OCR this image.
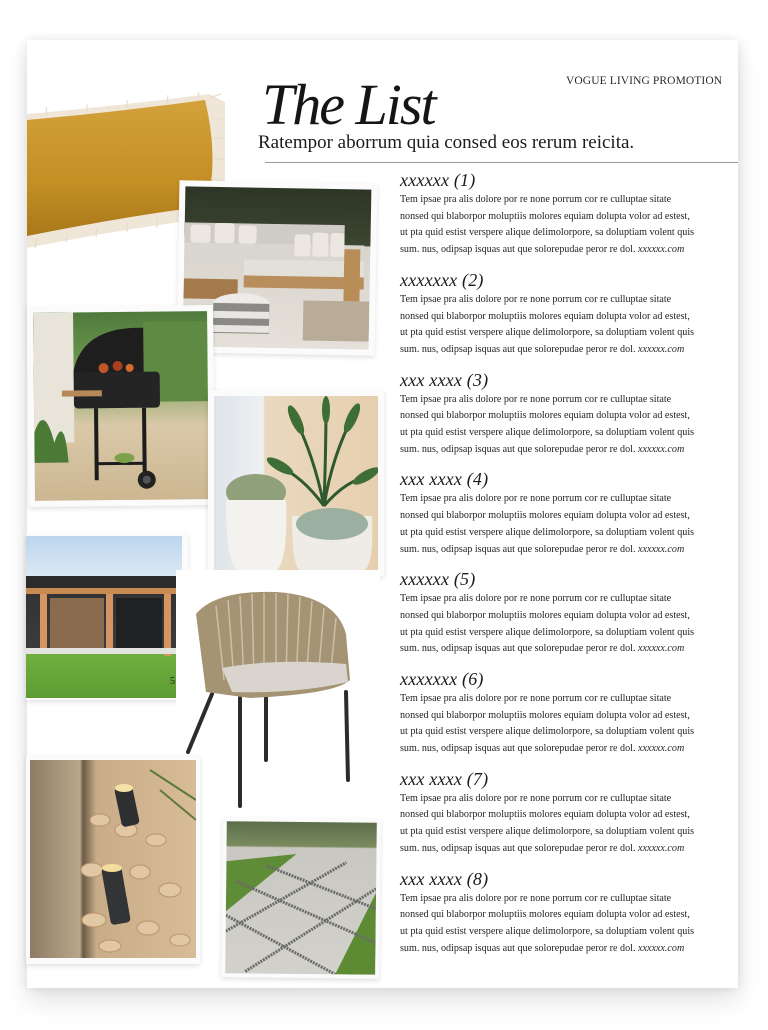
5
VOGUE LIVING PROMOTION
The List
Ratempor aborrum quia consed eos rerum reicita.
xxxxxx (1)
Tem ipsae pra alis dolore por re none porrum cor re culluptae sitate
nonsed qui blaborpor moluptiis molores equiam dolupta volor ad estest,
ut pta quid estist verspere alique delimolorpore, sa doluptiam volent quis
sum. nus, odipsap isquas aut que solorepudae peror re dol. xxxxxx.com
xxxxxxx (2)
Tem ipsae pra alis dolore por re none porrum cor re culluptae sitate
nonsed qui blaborpor moluptiis molores equiam dolupta volor ad estest,
ut pta quid estist verspere alique delimolorpore, sa doluptiam volent quis
sum. nus, odipsap isquas aut que solorepudae peror re dol. xxxxxx.com
xxx xxxx (3)
Tem ipsae pra alis dolore por re none porrum cor re culluptae sitate
nonsed qui blaborpor moluptiis molores equiam dolupta volor ad estest,
ut pta quid estist verspere alique delimolorpore, sa doluptiam volent quis
sum. nus, odipsap isquas aut que solorepudae peror re dol. xxxxxx.com
xxx xxxx (4)
Tem ipsae pra alis dolore por re none porrum cor re culluptae sitate
nonsed qui blaborpor moluptiis molores equiam dolupta volor ad estest,
ut pta quid estist verspere alique delimolorpore, sa doluptiam volent quis
sum. nus, odipsap isquas aut que solorepudae peror re dol. xxxxxx.com
xxxxxx (5)
Tem ipsae pra alis dolore por re none porrum cor re culluptae sitate
nonsed qui blaborpor moluptiis molores equiam dolupta volor ad estest,
ut pta quid estist verspere alique delimolorpore, sa doluptiam volent quis
sum. nus, odipsap isquas aut que solorepudae peror re dol. xxxxxx.com
xxxxxxx (6)
Tem ipsae pra alis dolore por re none porrum cor re culluptae sitate
nonsed qui blaborpor moluptiis molores equiam dolupta volor ad estest,
ut pta quid estist verspere alique delimolorpore, sa doluptiam volent quis
sum. nus, odipsap isquas aut que solorepudae peror re dol. xxxxxx.com
xxx xxxx (7)
Tem ipsae pra alis dolore por re none porrum cor re culluptae sitate
nonsed qui blaborpor moluptiis molores equiam dolupta volor ad estest,
ut pta quid estist verspere alique delimolorpore, sa doluptiam volent quis
sum. nus, odipsap isquas aut que solorepudae peror re dol. xxxxxx.com
xxx xxxx (8)
Tem ipsae pra alis dolore por re none porrum cor re culluptae sitate
nonsed qui blaborpor moluptiis molores equiam dolupta volor ad estest,
ut pta quid estist verspere alique delimolorpore, sa doluptiam volent quis
sum. nus, odipsap isquas aut que solorepudae peror re dol. xxxxxx.com
